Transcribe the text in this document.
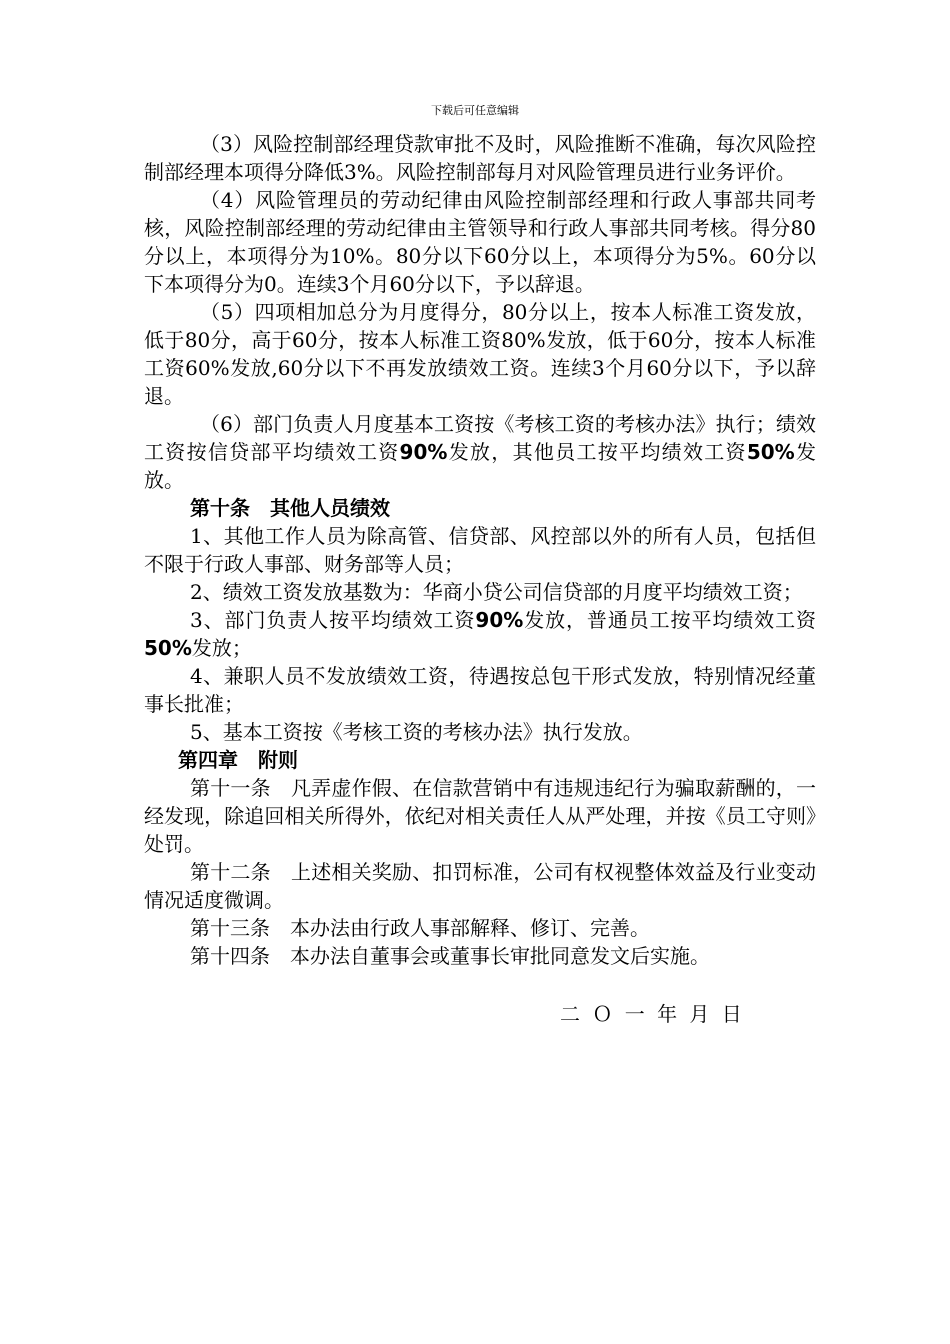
下载后可任意编辑

（3）风险控制部经理贷款审批不及时，风险推断不准确，每次风险控制部经理本项得分降低3%。风险控制部每月对风险管理员进行业务评价。

（4）风险管理员的劳动纪律由风险控制部经理和行政人事部共同考核，风险控制部经理的劳动纪律由主管领导和行政人事部共同考核。得分80分以上，本项得分为10%。80分以下60分以上，本项得分为5%。60分以下本项得分为0。连续3个月60分以下，予以辞退。

（5）四项相加总分为月度得分，80分以上，按本人标准工资发放，低于80分，高于60分，按本人标准工资80%发放，低于60分，按本人标准工资60%发放,60分以下不再发放绩效工资。连续3个月60分以下，予以辞退。

（6）部门负责人月度基本工资按《考核工资的考核办法》执行；绩效工资按信贷部平均绩效工资90%发放，其他员工按平均绩效工资50%发放。

第十条　其他人员绩效

1、其他工作人员为除高管、信贷部、风控部以外的所有人员，包括但不限于行政人事部、财务部等人员；

2、绩效工资发放基数为：华商小贷公司信贷部的月度平均绩效工资；

3、部门负责人按平均绩效工资90%发放，普通员工按平均绩效工资50%发放；

4、兼职人员不发放绩效工资，待遇按总包干形式发放，特别情况经董事长批准；

5、基本工资按《考核工资的考核办法》执行发放。

第四章　附则

第十一条　凡弄虚作假、在信款营销中有违规违纪行为骗取薪酬的，一经发现，除追回相关所得外，依纪对相关责任人从严处理，并按《员工守则》处罚。

第十二条　上述相关奖励、扣罚标准，公司有权视整体效益及行业变动情况适度微调。

第十三条　本办法由行政人事部解释、修订、完善。

第十四条　本办法自董事会或董事长审批同意发文后实施。

二 Ｏ 一 年 月 日
